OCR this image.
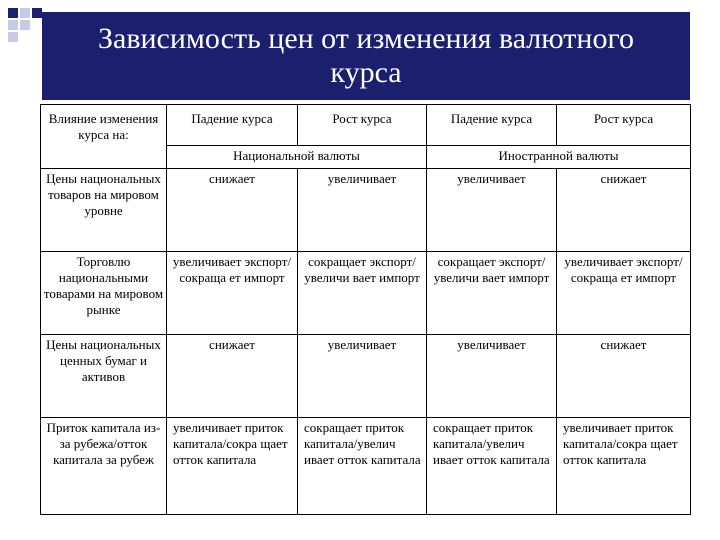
Зависимость цен от изменения валютного курса
Влияние изменения курса на:	Падение курса	Рост курса	Падение курса	Рост курса
	Национальной валюты		Иностранной валюты	
Цены национальных товаров на мировом уровне	снижает	увеличивает	увеличивает	снижает
Торговлю национальными товарами на мировом рынке	увеличивает экспорт/сокраща ет импорт	сокращает экспорт/увеличи вает импорт	сокращает экспорт/увеличи вает импорт	увеличивает экспорт/сокраща ет импорт
Цены национальных ценных бумаг и активов	снижает	увеличивает	увеличивает	снижает
Приток капитала из-за рубежа/отток капитала за рубеж	увеличивает приток капитала/сокра щает отток капитала	сокращает приток капитала/увелич ивает отток капитала	сокращает приток капитала/увелич ивает отток капитала	увеличивает приток капитала/сокра щает отток капитала
